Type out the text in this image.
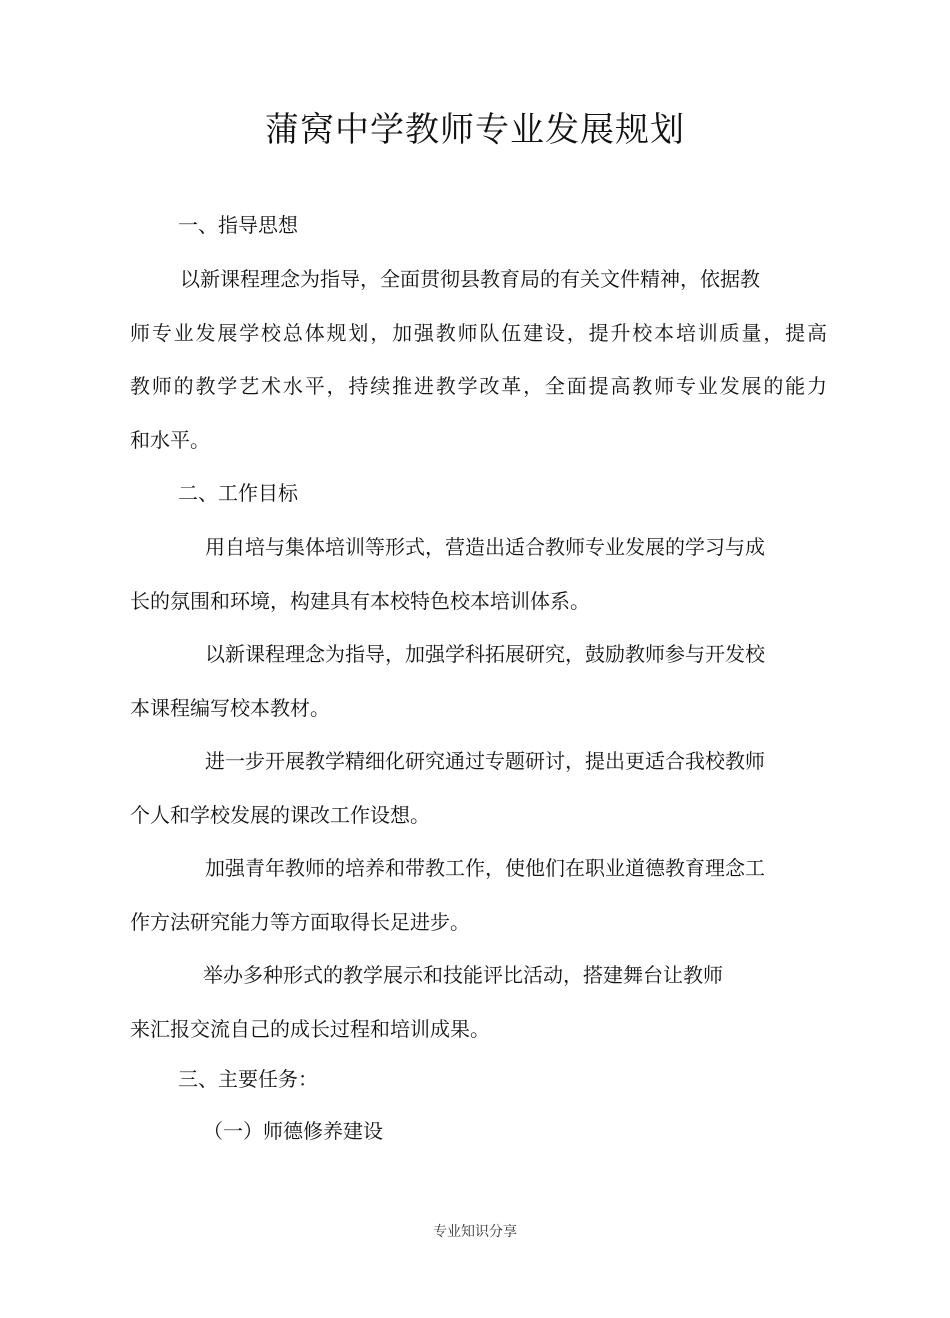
蒲窝中学教师专业发展规划
一、指导思想
以新课程理念为指导，全面贯彻县教育局的有关文件精神，依据教
师专业发展学校总体规划，加强教师队伍建设，提升校本培训质量，提高
教师的教学艺术水平，持续推进教学改革，全面提高教师专业发展的能力
和水平。
二、工作目标
用自培与集体培训等形式，营造出适合教师专业发展的学习与成
长的氛围和环境，构建具有本校特色校本培训体系。
以新课程理念为指导，加强学科拓展研究，鼓励教师参与开发校
本课程编写校本教材。
进一步开展教学精细化研究通过专题研讨，提出更适合我校教师
个人和学校发展的课改工作设想。
加强青年教师的培养和带教工作，使他们在职业道德教育理念工
作方法研究能力等方面取得长足进步。
举办多种形式的教学展示和技能评比活动，搭建舞台让教师
来汇报交流自己的成长过程和培训成果。
三、主要任务：
（一）师德修养建设
专业知识分享
